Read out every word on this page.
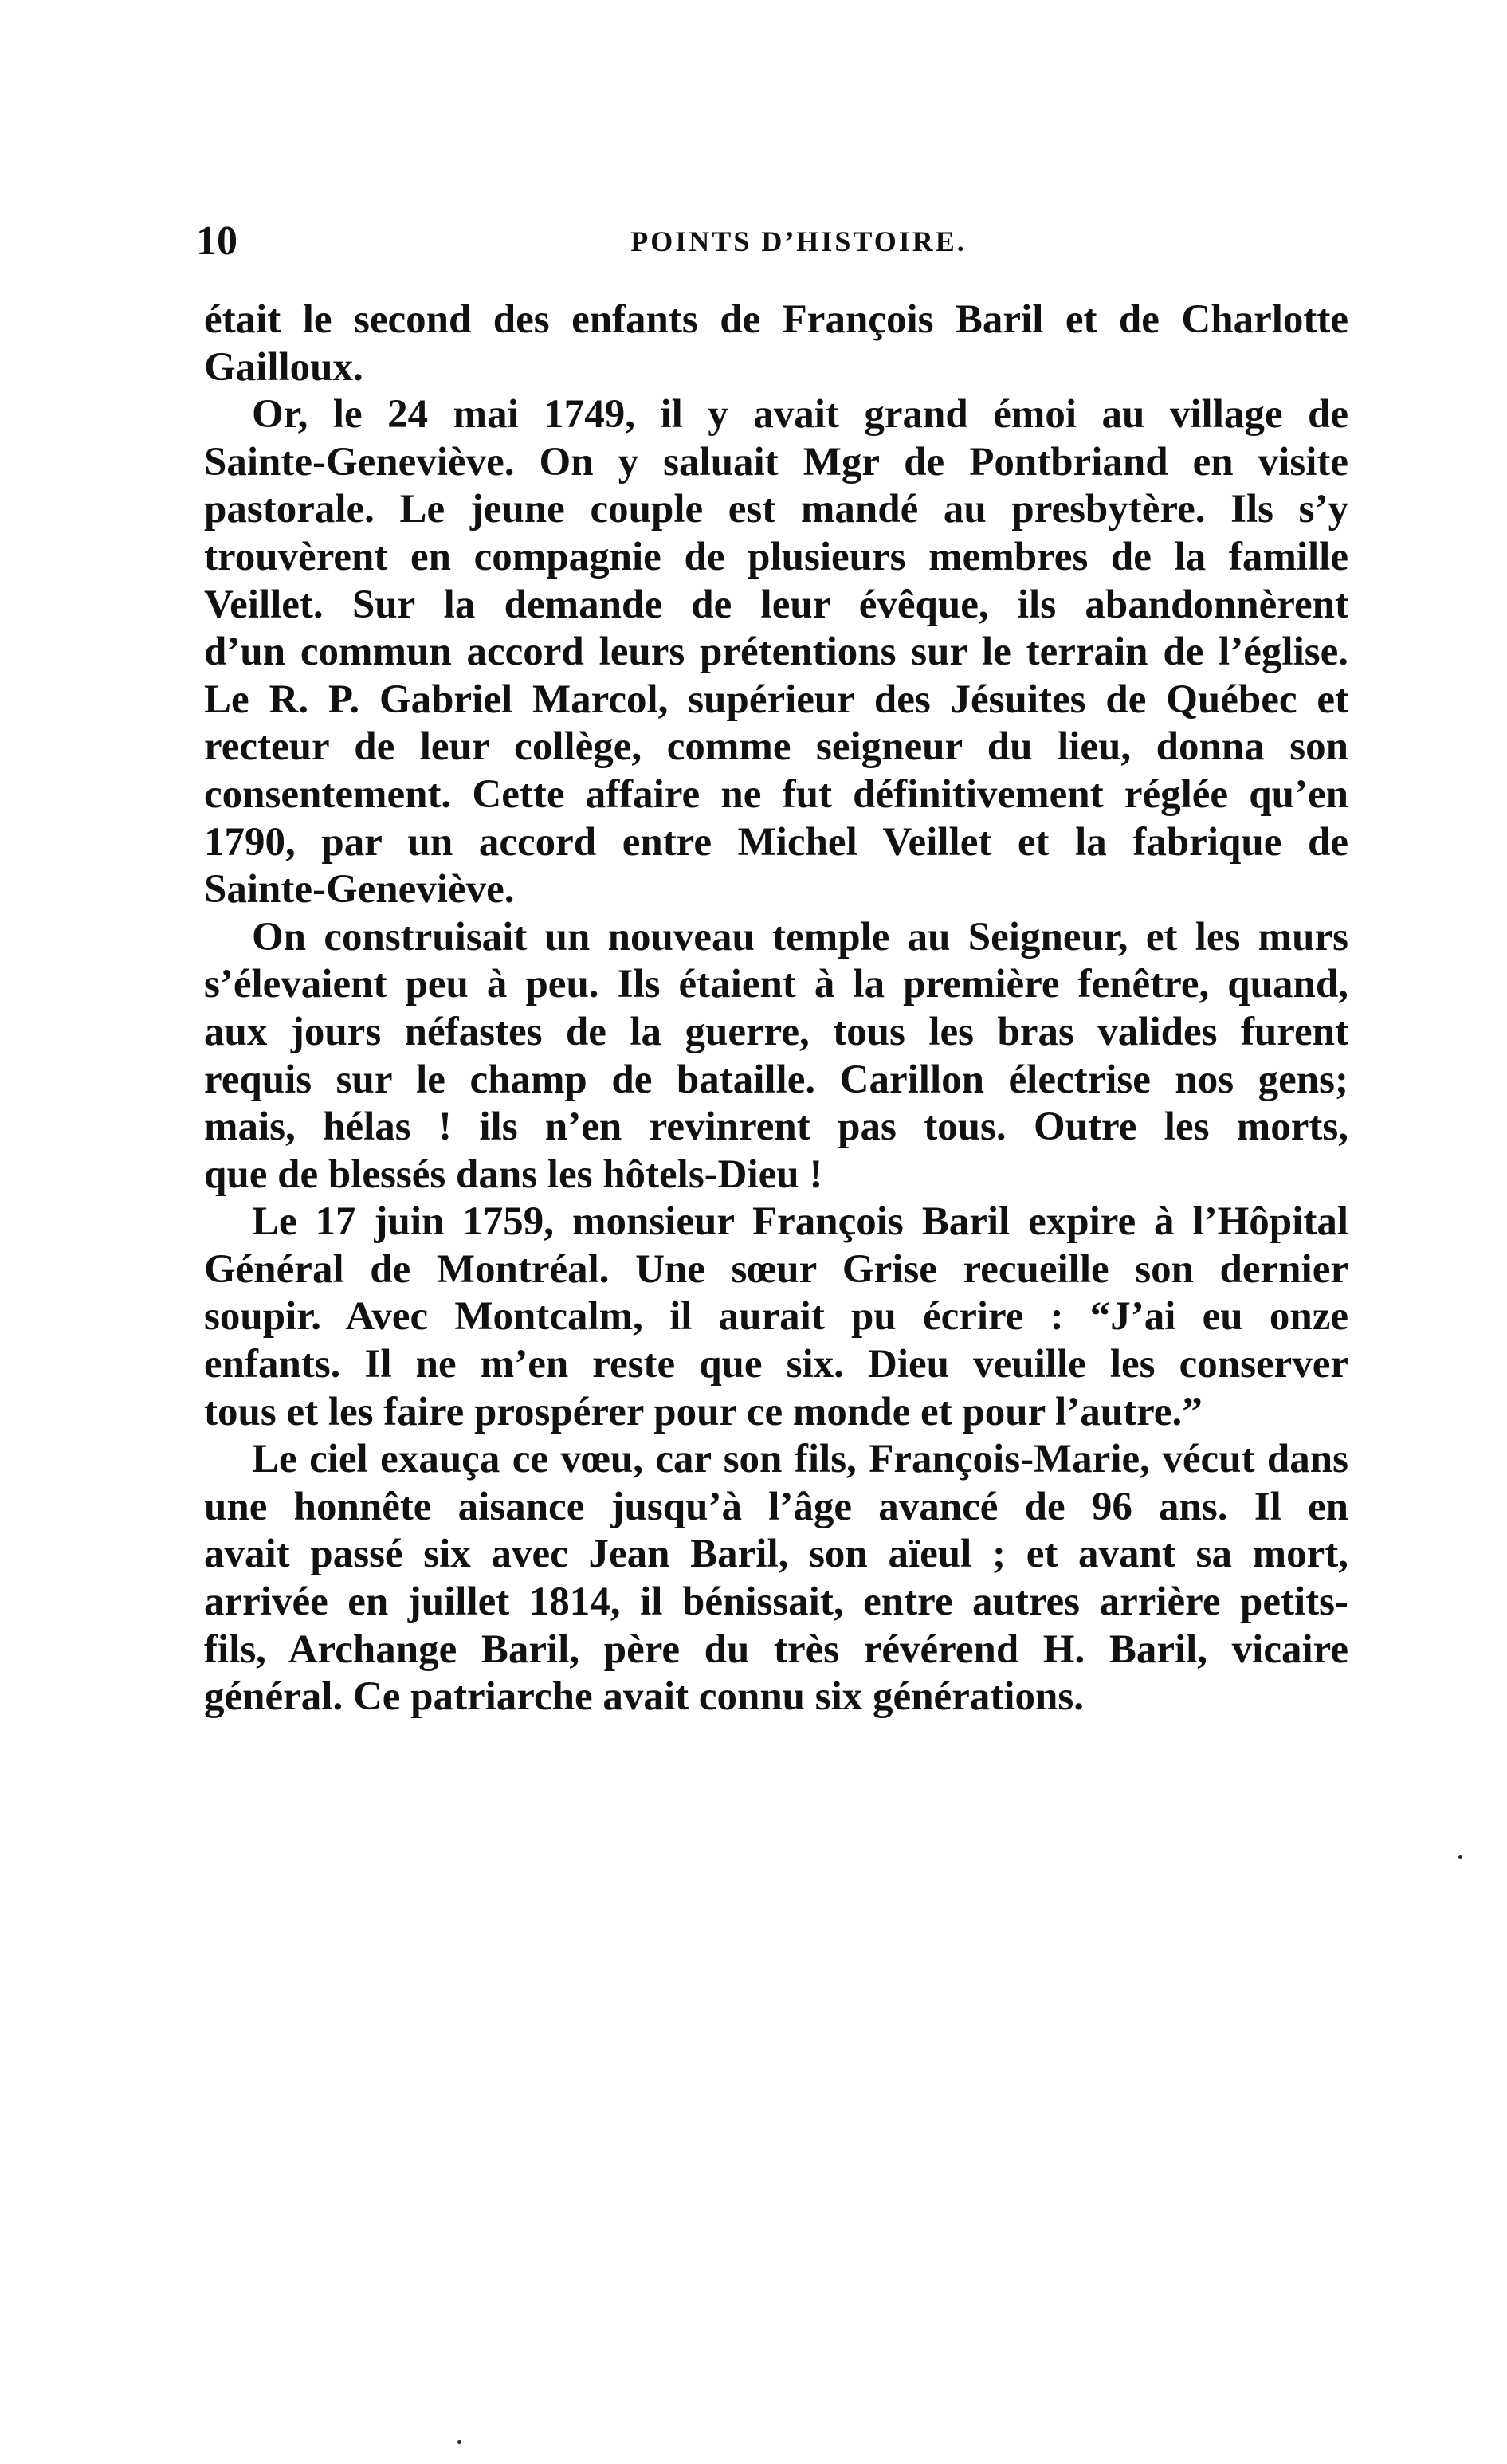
10	POINTS D’HISTOIRE.
était le second des enfants de François Baril et de Charlotte
Gailloux.
Or, le 24 mai 1749, il y avait grand émoi au village de
Sainte-Geneviève. On y saluait Mgr de Pontbriand en visite
pastorale. Le jeune couple est mandé au presbytère. Ils s’y
trouvèrent en compagnie de plusieurs membres de la famille
Veillet. Sur la demande de leur évêque, ils abandonnèrent
d’un commun accord leurs prétentions sur le terrain de l’église.
Le R. P. Gabriel Marcol, supérieur des Jésuites de Québec et
recteur de leur collège, comme seigneur du lieu, donna son
consentement. Cette affaire ne fut définitivement réglée qu’en
1790, par un accord entre Michel Veillet et la fabrique de
Sainte-Geneviève.
On construisait un nouveau temple au Seigneur, et les murs
s’élevaient peu à peu. Ils étaient à la première fenêtre, quand,
aux jours néfastes de la guerre, tous les bras valides furent
requis sur le champ de bataille. Carillon électrise nos gens;
mais, hélas ! ils n’en revinrent pas tous. Outre les morts,
que de blessés dans les hôtels-Dieu !
Le 17 juin 1759, monsieur François Baril expire à l’Hôpital
Général de Montréal. Une sœur Grise recueille son dernier
soupir. Avec Montcalm, il aurait pu écrire : “J’ai eu onze
enfants. Il ne m’en reste que six. Dieu veuille les conserver
tous et les faire prospérer pour ce monde et pour l’autre.”
Le ciel exauça ce vœu, car son fils, François-Marie, vécut dans
une honnête aisance jusqu’à l’âge avancé de 96 ans. Il en
avait passé six avec Jean Baril, son aïeul ; et avant sa mort,
arrivée en juillet 1814, il bénissait, entre autres arrière petits-
fils, Archange Baril, père du très révérend H. Baril, vicaire
général. Ce patriarche avait connu six générations.
